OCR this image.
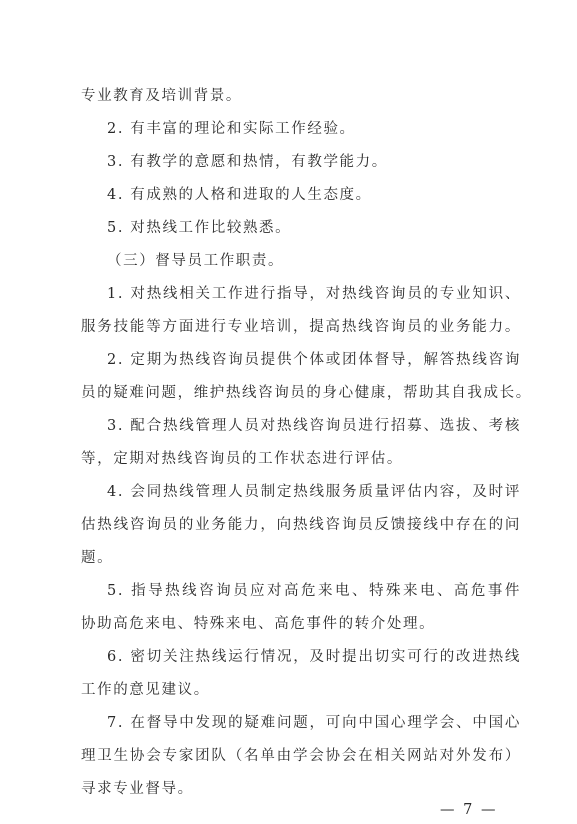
专业教育及培训背景。
2. 有丰富的理论和实际工作经验。
3. 有教学的意愿和热情，有教学能力。
4. 有成熟的人格和进取的人生态度。
5. 对热线工作比较熟悉。
（三）督导员工作职责。
1. 对热线相关工作进行指导，对热线咨询员的专业知识、
服务技能等方面进行专业培训，提高热线咨询员的业务能力。
2. 定期为热线咨询员提供个体或团体督导，解答热线咨询
员的疑难问题，维护热线咨询员的身心健康，帮助其自我成长。
3. 配合热线管理人员对热线咨询员进行招募、选拔、考核
等，定期对热线咨询员的工作状态进行评估。
4. 会同热线管理人员制定热线服务质量评估内容，及时评
估热线咨询员的业务能力，向热线咨询员反馈接线中存在的问
题。
5. 指导热线咨询员应对高危来电、特殊来电、高危事件
协助高危来电、特殊来电、高危事件的转介处理。
6. 密切关注热线运行情况，及时提出切实可行的改进热线
工作的意见建议。
7. 在督导中发现的疑难问题，可向中国心理学会、中国心
理卫生协会专家团队（名单由学会协会在相关网站对外发布）
寻求专业督导。
— 7 —
